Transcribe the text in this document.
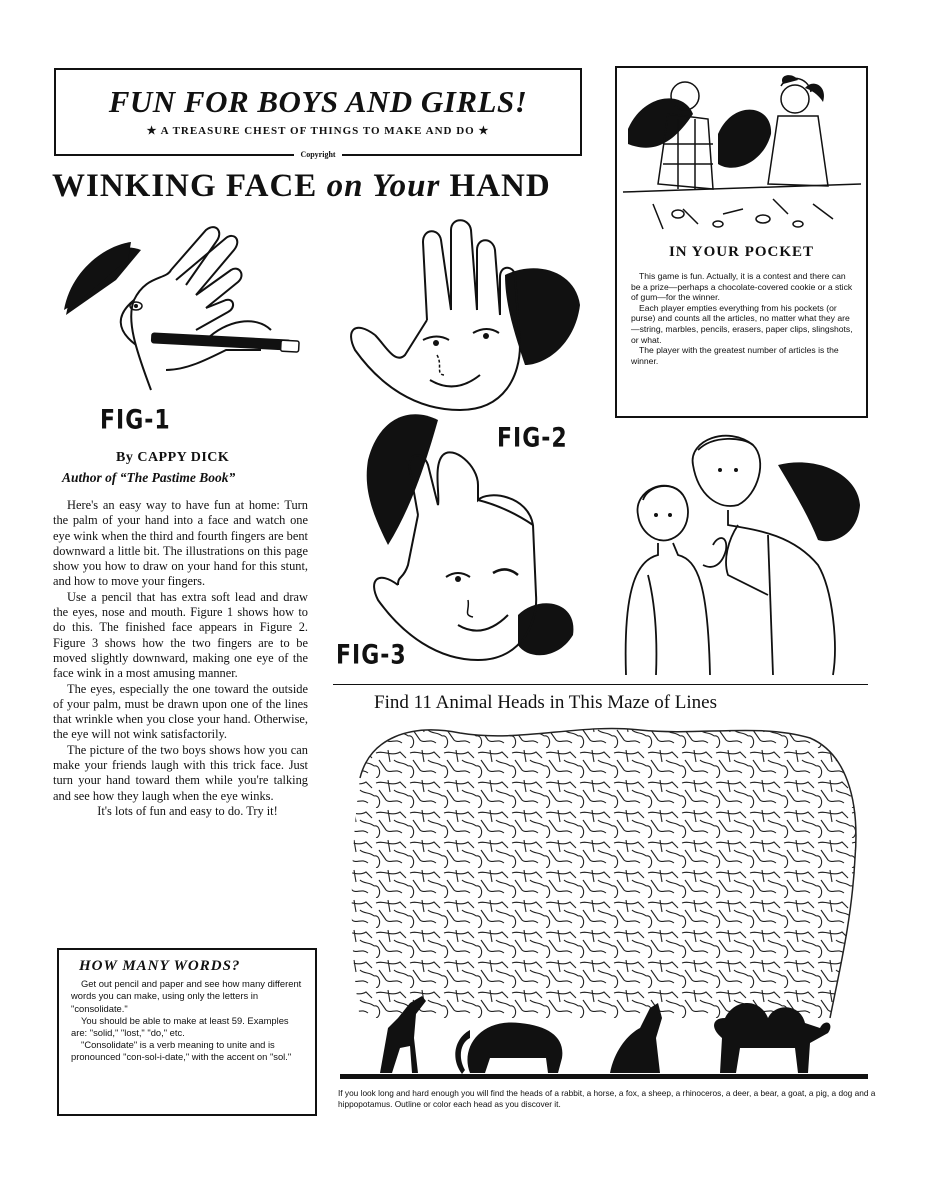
FUN FOR BOYS AND GIRLS!
★ A TREASURE CHEST OF THINGS TO MAKE AND DO ★
Copyright
WINKING FACE on Your HAND
FIG-1
FIG-2
FIG-3
By CAPPY DICK
Author of “The Pastime Book”

Here's an easy way to have fun at home: Turn the palm of your hand into a face and watch one eye wink when the third and fourth fingers are bent downward a little bit. The illustrations on this page show you how to draw on your hand for this stunt, and how to move your fingers.

Use a pencil that has extra soft lead and draw the eyes, nose and mouth. Figure 1 shows how to do this. The finished face appears in Figure 2. Figure 3 shows how the two fingers are to be moved slightly downward, making one eye of the face wink in a most amusing manner.

The eyes, especially the one toward the outside of your palm, must be drawn upon one of the lines that wrinkle when you close your hand. Otherwise, the eye will not wink satisfactorily.

The picture of the two boys shows how you can make your friends laugh with this trick face. Just turn your hand toward them while you're talking and see how they laugh when the eye winks.

It's lots of fun and easy to do. Try it!

HOW MANY WORDS?

Get out pencil and paper and see how many different words you can make, using only the letters in "consolidate."

You should be able to make at least 59. Examples are: "solid," "lost," "do," etc.

"Consolidate" is a verb meaning to unite and is pronounced "con-sol-i-date," with the accent on "sol."

IN YOUR POCKET

This game is fun. Actually, it is a contest and there can be a prize—perhaps a chocolate-covered cookie or a stick of gum—for the winner.

Each player empties everything from his pockets (or purse) and counts all the articles, no matter what they are—string, marbles, pencils, erasers, paper clips, slingshots, or what.

The player with the greatest number of articles is the winner.

Find 11 Animal Heads in This Maze of Lines
If you look long and hard enough you will find the heads of a rabbit, a horse, a fox, a sheep, a rhinoceros, a deer, a bear, a goat, a pig, a dog and a hippopotamus. Outline or color each head as you discover it.
